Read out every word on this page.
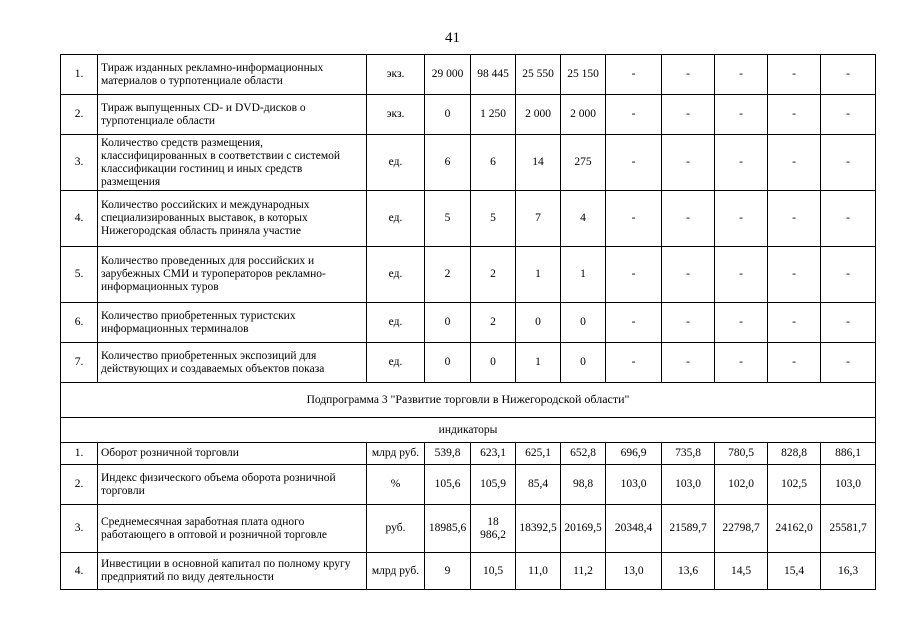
41
1.	Тираж изданных рекламно-информационных материалов о турпотенциале области	экз.	29 000	98 445	25 550	25 150	-	-	-	-	-
2.	Тираж выпущенных CD- и DVD-дисков о турпотенциале области	экз.	0	1 250	2 000	2 000	-	-	-	-	-
3.	Количество средств размещения, классифицированных в соответствии с системой классификации гостиниц и иных средств размещения	ед.	6	6	14	275	-	-	-	-	-
4.	Количество российских и международных специализированных выставок, в которых Нижегородская область приняла участие	ед.	5	5	7	4	-	-	-	-	-
5.	Количество проведенных для российских и зарубежных СМИ и туроператоров рекламно-информационных туров	ед.	2	2	1	1	-	-	-	-	-
6.	Количество приобретенных туристских информационных терминалов	ед.	0	2	0	0	-	-	-	-	-
7.	Количество приобретенных экспозиций для действующих и создаваемых объектов показа	ед.	0	0	1	0	-	-	-	-	-
Подпрограмма 3 "Развитие торговли в Нижегородской области"											
индикаторы											
1.	Оборот розничной торговли	млрд руб.	539,8	623,1	625,1	652,8	696,9	735,8	780,5	828,8	886,1
2.	Индекс физического объема оборота розничной торговли	%	105,6	105,9	85,4	98,8	103,0	103,0	102,0	102,5	103,0
3.	Среднемесячная заработная плата одного работающего в оптовой и розничной торговле	руб.	18985,6	18 986,2	18392,5	20169,5	20348,4	21589,7	22798,7	24162,0	25581,7
4.	Инвестиции в основной капитал по полному кругу предприятий по виду деятельности	млрд руб.	9	10,5	11,0	11,2	13,0	13,6	14,5	15,4	16,3
